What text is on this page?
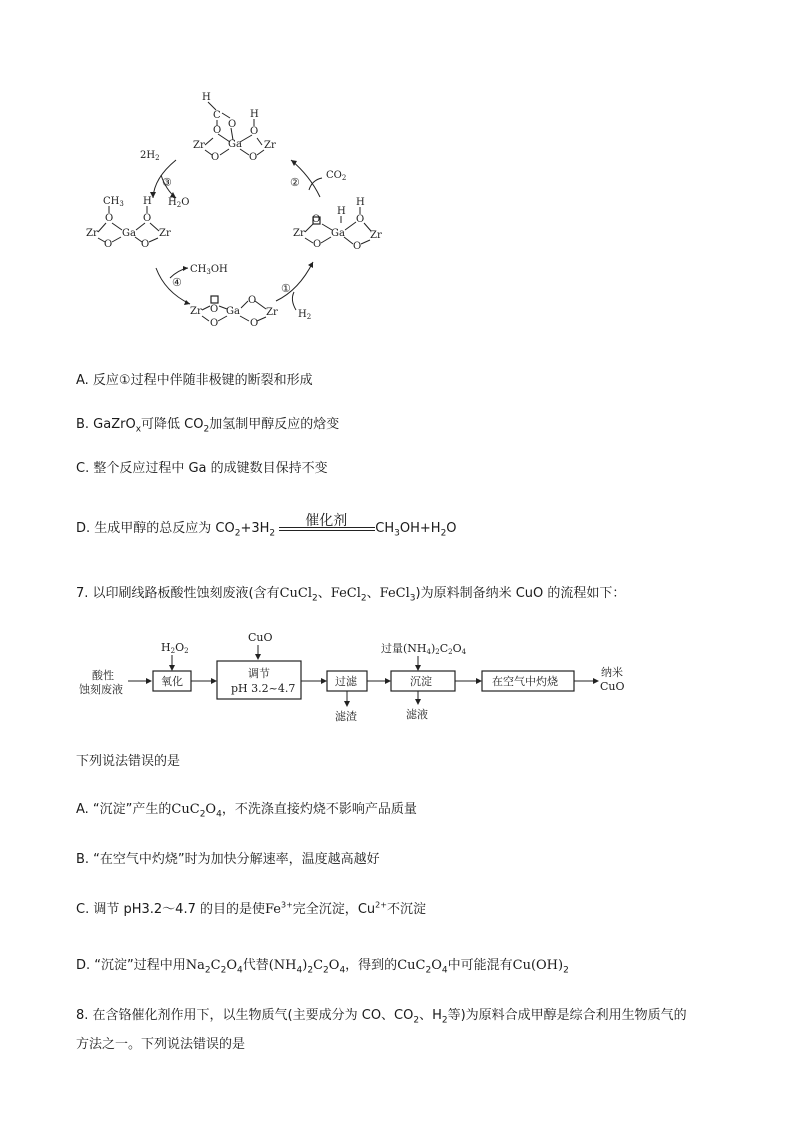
H
C
O
O
H
O
Zr Ga Zr
O	O
$CH_3$
O
H
O
Zr Ga Zr
O	O
H
H
O
O
Zr	Ga	Zr
O	O
O
O
Zr Ga	Zr
O	O
$2H_2$
③
$H_2O$
②
$CO_2$
④
$CH_3OH$
①
$H_2$
A. 反应①过程中伴随非极键的断裂和形成
B. GaZrO$_x$可降低 $CO_2$加氢制甲醇反应的焓变
C. 整个反应过程中 Ga 的成键数目保持不变
D. 生成甲醇的总反应为 $CO_2+3H_2$
催化剂 $CH_3OH+H_2O$
7. 以印刷线路板酸性蚀刻废液(含有CuCl$_2$、FeCl$_2$、FeCl$_3$)为原料制备纳米 CuO 的流程如下：
酸性
蚀刻废液
H2O2
氧化
CuO
调节
pH 3.2~4.7
过滤
滤渣
过量(NH4)2C2O4
沉淀
滤液
在空气中灼烧
纳米
CuO
下列说法错误的是
A. “沉淀”产生的$CuC_2O_4$，不洗涤直接灼烧不影响产品质量
B. “在空气中灼烧”时为加快分解速率，温度越高越好
C. 调节 pH3.2～4.7 的目的是使$Fe^{3+}$完全沉淀，$Cu^{2+}$不沉淀
D. “沉淀”过程中用$Na_2C_2O_4$代替$(NH_4)_2C_2O_4$，得到的$CuC_2O_4$中可能混有$Cu(OH)_2$
8. 在含铬催化剂作用下，以生物质气(主要成分为 CO、$CO_2$、$H_2$等)为原料合成甲醇是综合利用生物质气的
方法之一。下列说法错误的是
